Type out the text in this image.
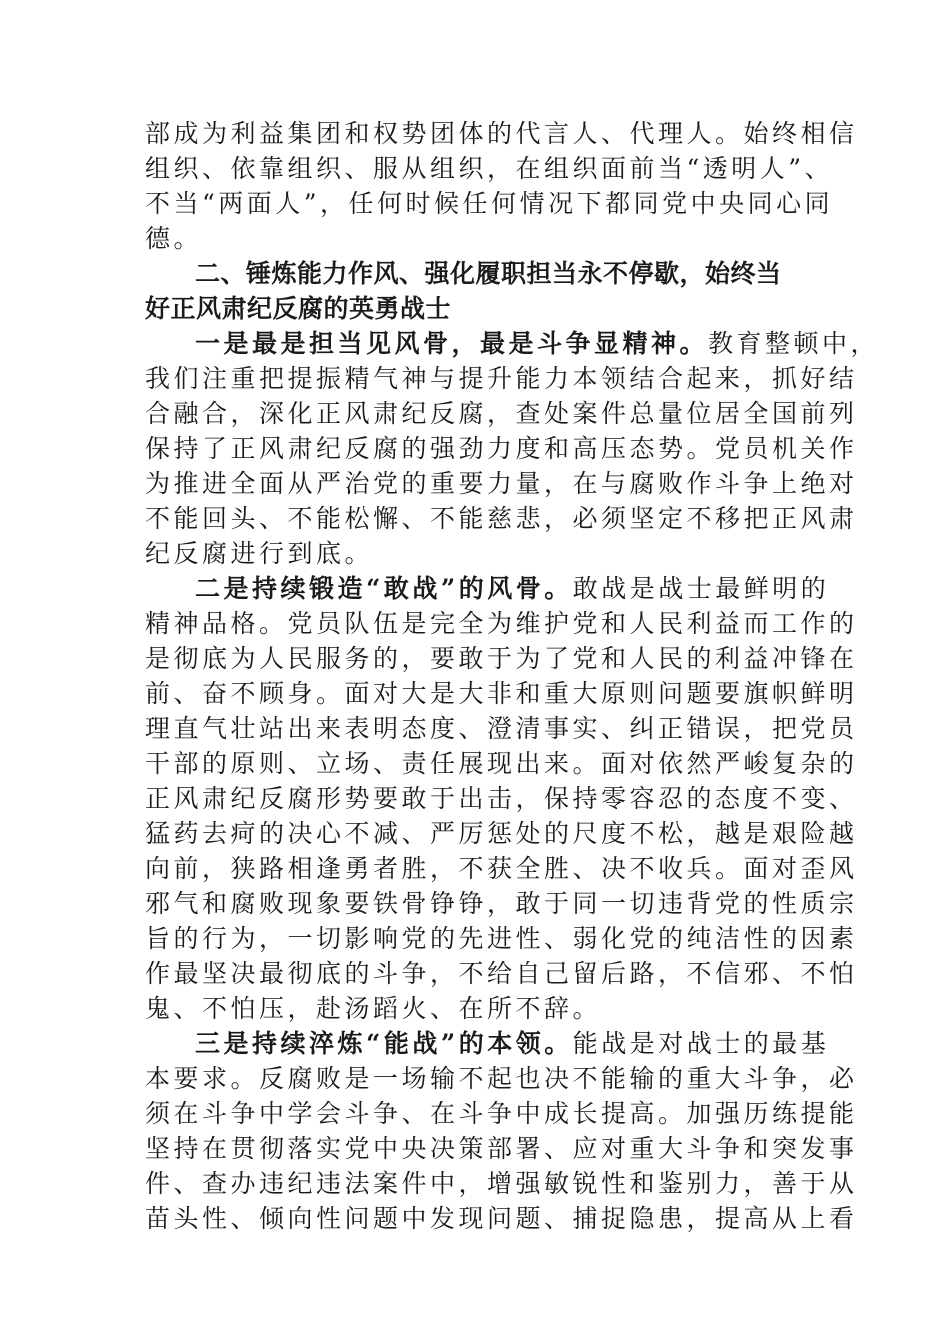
部成为利益集团和权势团体的代言人、代理人。始终相信
组织、依靠组织、服从组织，在组织面前当“透明人”、
不当“两面人”，任何时候任何情况下都同党中央同心同
德。
二、锤炼能力作风、强化履职担当永不停歇，始终当
好正风肃纪反腐的英勇战士
一是最是担当见风骨，最是斗争显精神。教育整顿中，
我们注重把提振精气神与提升能力本领结合起来，抓好结
合融合，深化正风肃纪反腐，查处案件总量位居全国前列
保持了正风肃纪反腐的强劲力度和高压态势。党员机关作
为推进全面从严治党的重要力量，在与腐败作斗争上绝对
不能回头、不能松懈、不能慈悲，必须坚定不移把正风肃
纪反腐进行到底。
二是持续锻造“敢战”的风骨。敢战是战士最鲜明的
精神品格。党员队伍是完全为维护党和人民利益而工作的
是彻底为人民服务的，要敢于为了党和人民的利益冲锋在
前、奋不顾身。面对大是大非和重大原则问题要旗帜鲜明
理直气壮站出来表明态度、澄清事实、纠正错误，把党员
干部的原则、立场、责任展现出来。面对依然严峻复杂的
正风肃纪反腐形势要敢于出击，保持零容忍的态度不变、
猛药去疴的决心不减、严厉惩处的尺度不松，越是艰险越
向前，狭路相逢勇者胜，不获全胜、决不收兵。面对歪风
邪气和腐败现象要铁骨铮铮，敢于同一切违背党的性质宗
旨的行为，一切影响党的先进性、弱化党的纯洁性的因素
作最坚决最彻底的斗争，不给自己留后路，不信邪、不怕
鬼、不怕压，赴汤蹈火、在所不辞。
三是持续淬炼“能战”的本领。能战是对战士的最基
本要求。反腐败是一场输不起也决不能输的重大斗争，必
须在斗争中学会斗争、在斗争中成长提高。加强历练提能
坚持在贯彻落实党中央决策部署、应对重大斗争和突发事
件、查办违纪违法案件中，增强敏锐性和鉴别力，善于从
苗头性、倾向性问题中发现问题、捕捉隐患，提高从上看
